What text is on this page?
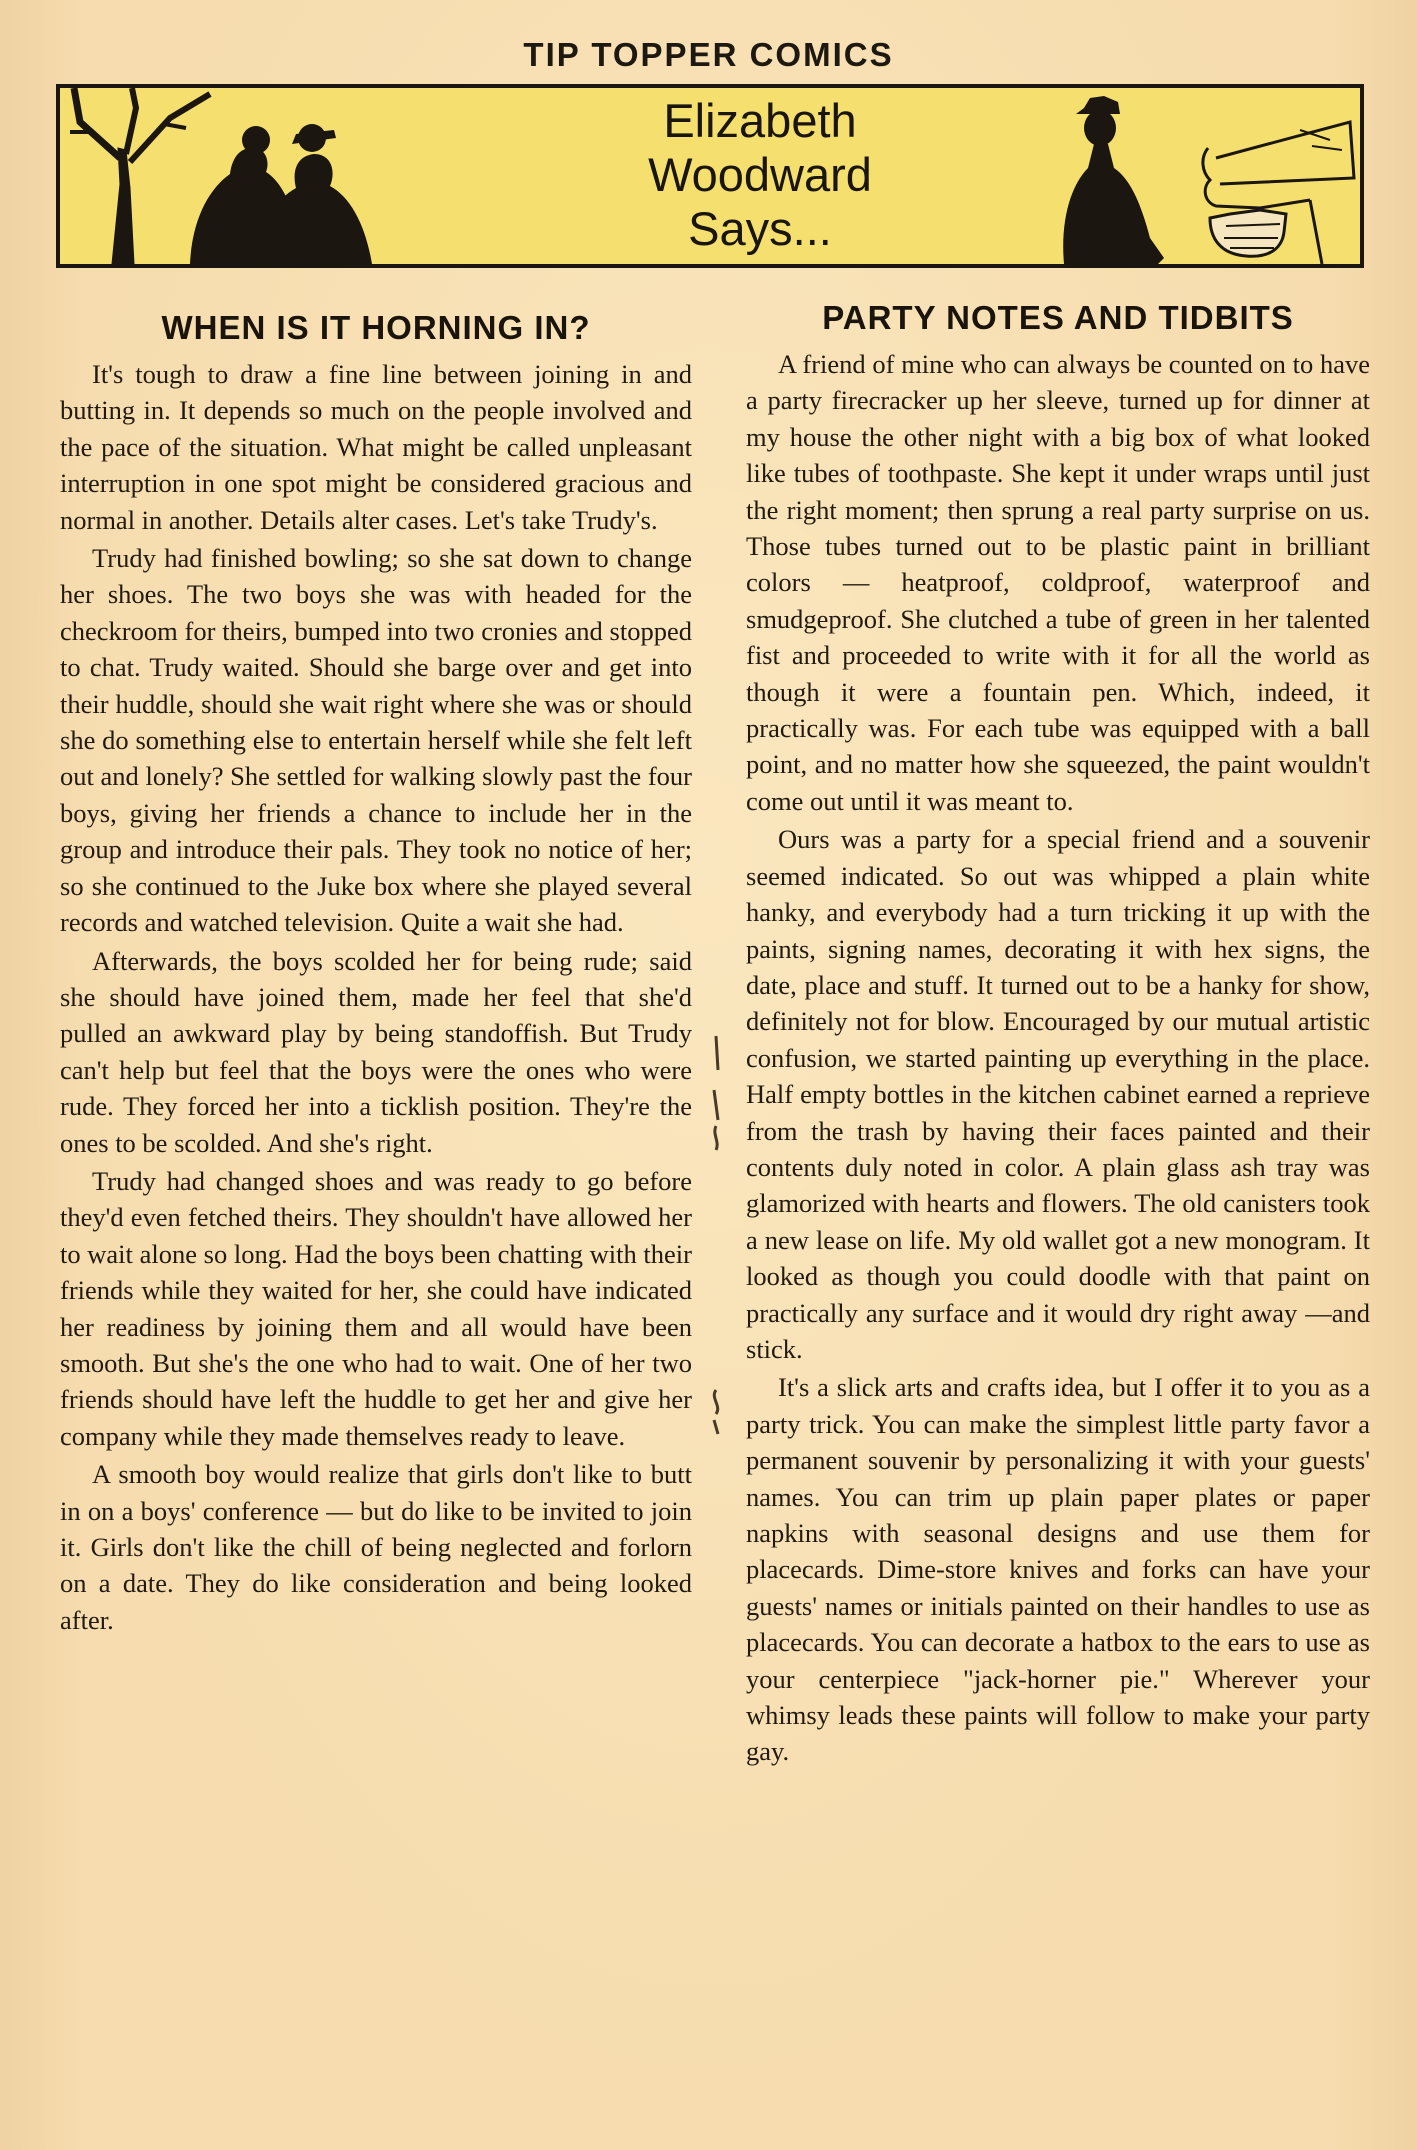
TIP TOPPER COMICS
Elizabeth
Woodward
Says...
WHEN IS IT HORNING IN?

It's tough to draw a fine line between joining in and butting in. It depends so much on the people involved and the pace of the situation. What might be called unpleasant interruption in one spot might be considered gracious and normal in another. Details alter cases. Let's take Trudy's.

Trudy had finished bowling; so she sat down to change her shoes. The two boys she was with headed for the checkroom for theirs, bumped into two cronies and stopped to chat. Trudy waited. Should she barge over and get into their huddle, should she wait right where she was or should she do something else to entertain herself while she felt left out and lonely? She settled for walking slowly past the four boys, giving her friends a chance to include her in the group and introduce their pals. They took no notice of her; so she continued to the Juke box where she played several records and watched television. Quite a wait she had.

Afterwards, the boys scolded her for being rude; said she should have joined them, made her feel that she'd pulled an awkward play by being standoffish. But Trudy can't help but feel that the boys were the ones who were rude. They forced her into a ticklish position. They're the ones to be scolded. And she's right.

Trudy had changed shoes and was ready to go before they'd even fetched theirs. They shouldn't have allowed her to wait alone so long. Had the boys been chatting with their friends while they waited for her, she could have indicated her readiness by joining them and all would have been smooth. But she's the one who had to wait. One of her two friends should have left the huddle to get her and give her company while they made themselves ready to leave.

A smooth boy would realize that girls don't like to butt in on a boys' conference — but do like to be invited to join it. Girls don't like the chill of being neglected and forlorn on a date. They do like consideration and being looked after.

PARTY NOTES AND TIDBITS

A friend of mine who can always be counted on to have a party firecracker up her sleeve, turned up for dinner at my house the other night with a big box of what looked like tubes of toothpaste. She kept it under wraps until just the right moment; then sprung a real party surprise on us. Those tubes turned out to be plastic paint in brilliant colors — heatproof, coldproof, waterproof and smudgeproof. She clutched a tube of green in her talented fist and proceeded to write with it for all the world as though it were a fountain pen. Which, indeed, it practically was. For each tube was equipped with a ball point, and no matter how she squeezed, the paint wouldn't come out until it was meant to.

Ours was a party for a special friend and a souvenir seemed indicated. So out was whipped a plain white hanky, and everybody had a turn tricking it up with the paints, signing names, decorating it with hex signs, the date, place and stuff. It turned out to be a hanky for show, definitely not for blow. Encouraged by our mutual artistic confusion, we started painting up everything in the place. Half empty bottles in the kitchen cabinet earned a reprieve from the trash by having their faces painted and their contents duly noted in color. A plain glass ash tray was glamorized with hearts and flowers. The old canisters took a new lease on life. My old wallet got a new monogram. It looked as though you could doodle with that paint on practically any surface and it would dry right away —and stick.

It's a slick arts and crafts idea, but I offer it to you as a party trick. You can make the simplest little party favor a permanent souvenir by personalizing it with your guests' names. You can trim up plain paper plates or paper napkins with seasonal designs and use them for placecards. Dime-store knives and forks can have your guests' names or initials painted on their handles to use as placecards. You can decorate a hatbox to the ears to use as your centerpiece "jack-horner pie." Wherever your whimsy leads these paints will follow to make your party gay.
